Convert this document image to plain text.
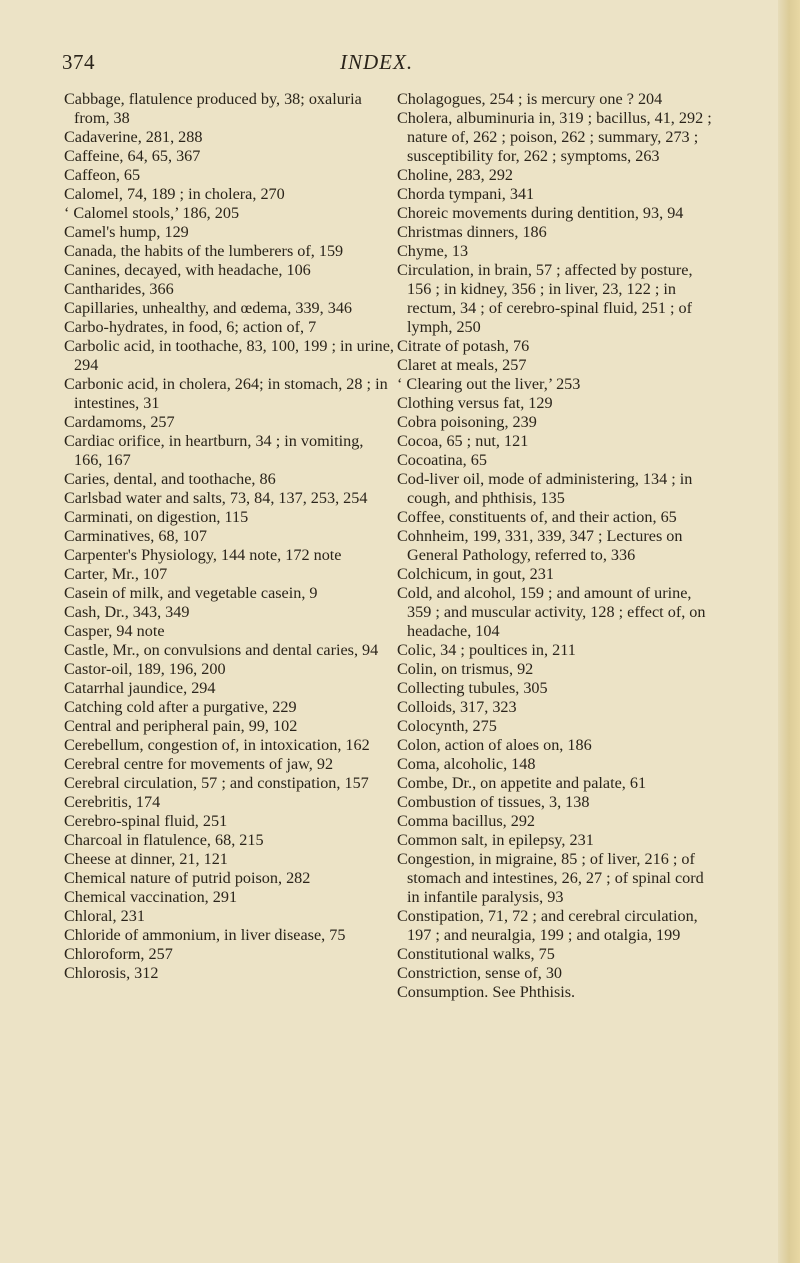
374	INDEX.

Cabbage, flatulence produced by, 38; oxaluria from, 38

Cadaverine, 281, 288

Caffeine, 64, 65, 367

Caffeon, 65

Calomel, 74, 189 ; in cholera, 270

‘ Calomel stools,’ 186, 205

Camel's hump, 129

Canada, the habits of the lumberers of, 159

Canines, decayed, with headache, 106

Cantharides, 366

Capillaries, unhealthy, and œdema, 339, 346

Carbo-hydrates, in food, 6; action of, 7

Carbolic acid, in toothache, 83, 100, 199 ; in urine, 294

Carbonic acid, in cholera, 264; in stomach, 28 ; in intestines, 31

Cardamoms, 257

Cardiac orifice, in heartburn, 34 ; in vomiting, 166, 167

Caries, dental, and toothache, 86

Carlsbad water and salts, 73, 84, 137, 253, 254

Carminati, on digestion, 115

Carminatives, 68, 107

Carpenter's Physiology, 144 note, 172 note

Carter, Mr., 107

Casein of milk, and vegetable casein, 9

Cash, Dr., 343, 349

Casper, 94 note

Castle, Mr., on convulsions and dental caries, 94

Castor-oil, 189, 196, 200

Catarrhal jaundice, 294

Catching cold after a purgative, 229

Central and peripheral pain, 99, 102

Cerebellum, congestion of, in intoxication, 162

Cerebral centre for movements of jaw, 92

Cerebral circulation, 57 ; and constipation, 157

Cerebritis, 174

Cerebro-spinal fluid, 251

Charcoal in flatulence, 68, 215

Cheese at dinner, 21, 121

Chemical nature of putrid poison, 282

Chemical vaccination, 291

Chloral, 231

Chloride of ammonium, in liver disease, 75

Chloroform, 257

Chlorosis, 312

Cholagogues, 254 ; is mercury one ? 204

Cholera, albuminuria in, 319 ; bacillus, 41, 292 ; nature of, 262 ; poison, 262 ; summary, 273 ; susceptibility for, 262 ; symptoms, 263

Choline, 283, 292

Chorda tympani, 341

Choreic movements during dentition, 93, 94

Christmas dinners, 186

Chyme, 13

Circulation, in brain, 57 ; affected by posture, 156 ; in kidney, 356 ; in liver, 23, 122 ; in rectum, 34 ; of cerebro-spinal fluid, 251 ; of lymph, 250

Citrate of potash, 76

Claret at meals, 257

‘ Clearing out the liver,’ 253

Clothing versus fat, 129

Cobra poisoning, 239

Cocoa, 65 ; nut, 121

Cocoatina, 65

Cod-liver oil, mode of administering, 134 ; in cough, and phthisis, 135

Coffee, constituents of, and their action, 65

Cohnheim, 199, 331, 339, 347 ; Lectures on General Pathology, referred to, 336

Colchicum, in gout, 231

Cold, and alcohol, 159 ; and amount of urine, 359 ; and muscular activity, 128 ; effect of, on headache, 104

Colic, 34 ; poultices in, 211

Colin, on trismus, 92

Collecting tubules, 305

Colloids, 317, 323

Colocynth, 275

Colon, action of aloes on, 186

Coma, alcoholic, 148

Combe, Dr., on appetite and palate, 61

Combustion of tissues, 3, 138

Comma bacillus, 292

Common salt, in epilepsy, 231

Congestion, in migraine, 85 ; of liver, 216 ; of stomach and intestines, 26, 27 ; of spinal cord in infantile paralysis, 93

Constipation, 71, 72 ; and cerebral circulation, 197 ; and neuralgia, 199 ; and otalgia, 199

Constitutional walks, 75

Constriction, sense of, 30

Consumption. See Phthisis.
